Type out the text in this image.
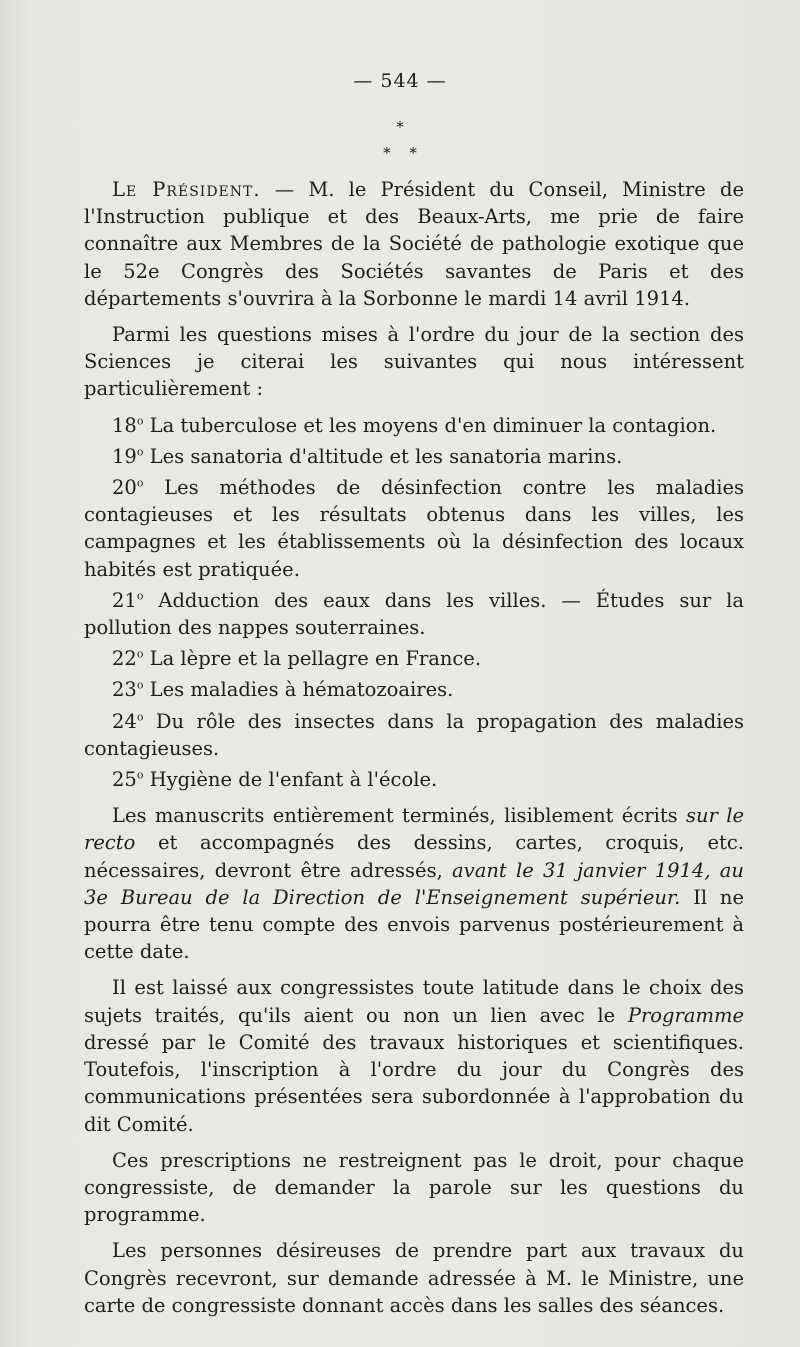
— 544 —
*
* *

Le Président. — M. le Président du Conseil, Ministre de l'Instruction publique et des Beaux-Arts, me prie de faire connaître aux Membres de la Société de pathologie exotique que le 52e Congrès des Sociétés savantes de Paris et des départements s'ouvrira à la Sorbonne le mardi 14 avril 1914.

Parmi les questions mises à l'ordre du jour de la section des Sciences je citerai les suivantes qui nous intéressent particulièrement :

18$^o$ La tuberculose et les moyens d'en diminuer la contagion.

19$^o$ Les sanatoria d'altitude et les sanatoria marins.

20$^o$ Les méthodes de désinfection contre les maladies contagieuses et les résultats obtenus dans les villes, les campagnes et les établissements où la désinfection des locaux habités est pratiquée.

21$^o$ Adduction des eaux dans les villes. — Études sur la pollution des nappes souterraines.

22$^o$ La lèpre et la pellagre en France.

23$^o$ Les maladies à hématozoaires.

24$^o$ Du rôle des insectes dans la propagation des maladies contagieuses.

25$^o$ Hygiène de l'enfant à l'école.

Les manuscrits entièrement terminés, lisiblement écrits sur le recto et accompagnés des dessins, cartes, croquis, etc. nécessaires, devront être adressés, avant le 31 janvier 1914, au 3e Bureau de la Direction de l'Enseignement supérieur. Il ne pourra être tenu compte des envois parvenus postérieurement à cette date.

Il est laissé aux congressistes toute latitude dans le choix des sujets traités, qu'ils aient ou non un lien avec le Programme dressé par le Comité des travaux historiques et scientifiques. Toutefois, l'inscription à l'ordre du jour du Congrès des communications présentées sera subordonnée à l'approbation du dit Comité.

Ces prescriptions ne restreignent pas le droit, pour chaque congressiste, de demander la parole sur les questions du programme.

Les personnes désireuses de prendre part aux travaux du Congrès recevront, sur demande adressée à M. le Ministre, une carte de congressiste donnant accès dans les salles des séances.
